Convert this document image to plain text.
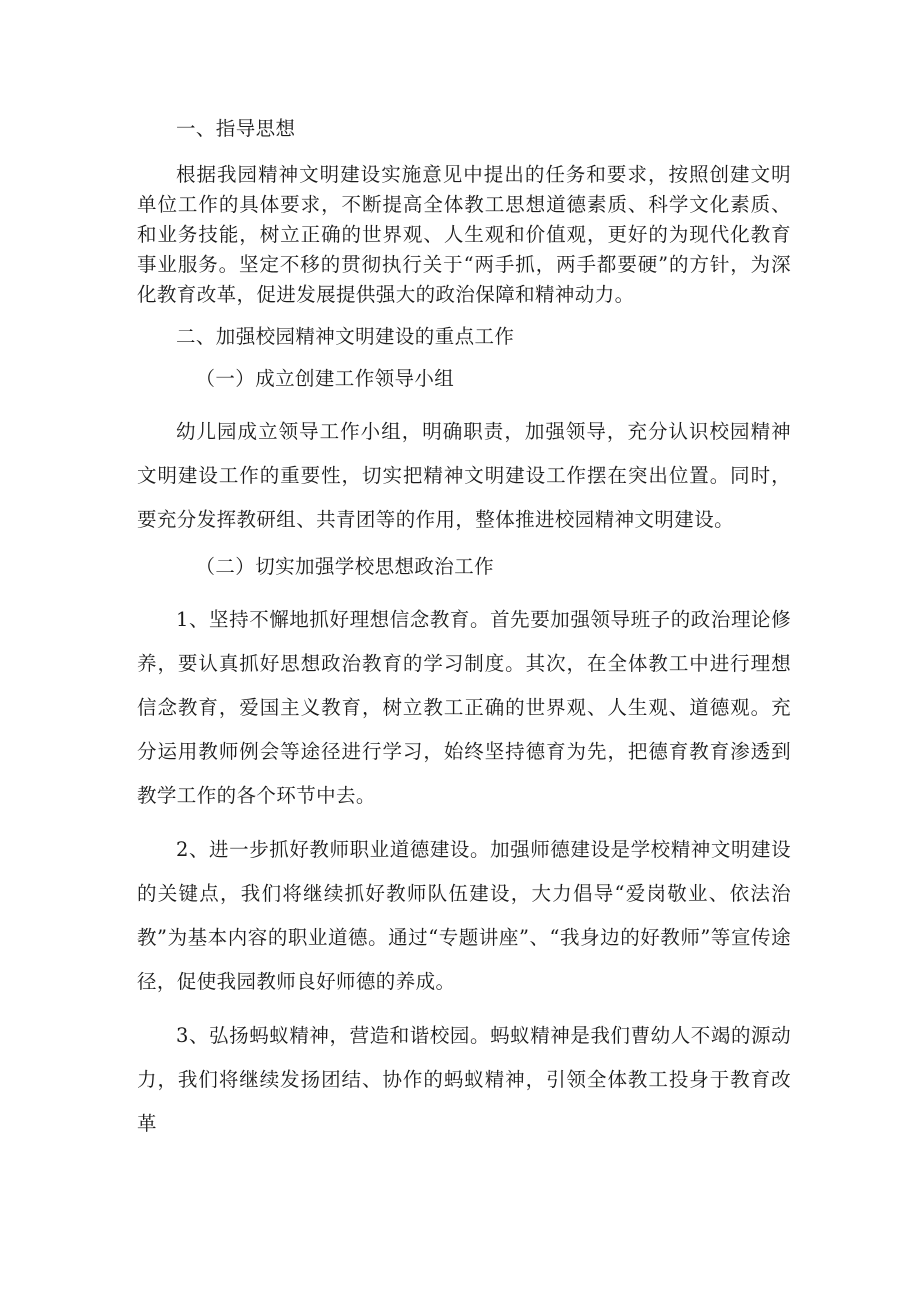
一、指导思想

根据我园精神文明建设实施意见中提出的任务和要求，按照创建文明单位工作的具体要求，不断提高全体教工思想道德素质、科学文化素质、和业务技能，树立正确的世界观、人生观和价值观，更好的为现代化教育事业服务。坚定不移的贯彻执行关于“两手抓，两手都要硬”的方针，为深化教育改革，促进发展提供强大的政治保障和精神动力。

二、加强校园精神文明建设的重点工作

（一）成立创建工作领导小组

幼儿园成立领导工作小组，明确职责，加强领导，充分认识校园精神文明建设工作的重要性，切实把精神文明建设工作摆在突出位置。同时，要充分发挥教研组、共青团等的作用，整体推进校园精神文明建设。

（二）切实加强学校思想政治工作

1、坚持不懈地抓好理想信念教育。首先要加强领导班子的政治理论修养，要认真抓好思想政治教育的学习制度。其次，在全体教工中进行理想信念教育，爱国主义教育，树立教工正确的世界观、人生观、道德观。充分运用教师例会等途径进行学习，始终坚持德育为先，把德育教育渗透到教学工作的各个环节中去。

2、进一步抓好教师职业道德建设。加强师德建设是学校精神文明建设的关键点，我们将继续抓好教师队伍建设，大力倡导“爱岗敬业、依法治教”为基本内容的职业道德。通过“专题讲座”、“我身边的好教师”等宣传途径，促使我园教师良好师德的养成。

3、弘扬蚂蚁精神，营造和谐校园。蚂蚁精神是我们曹幼人不竭的源动力，我们将继续发扬团结、协作的蚂蚁精神，引领全体教工投身于教育改革
